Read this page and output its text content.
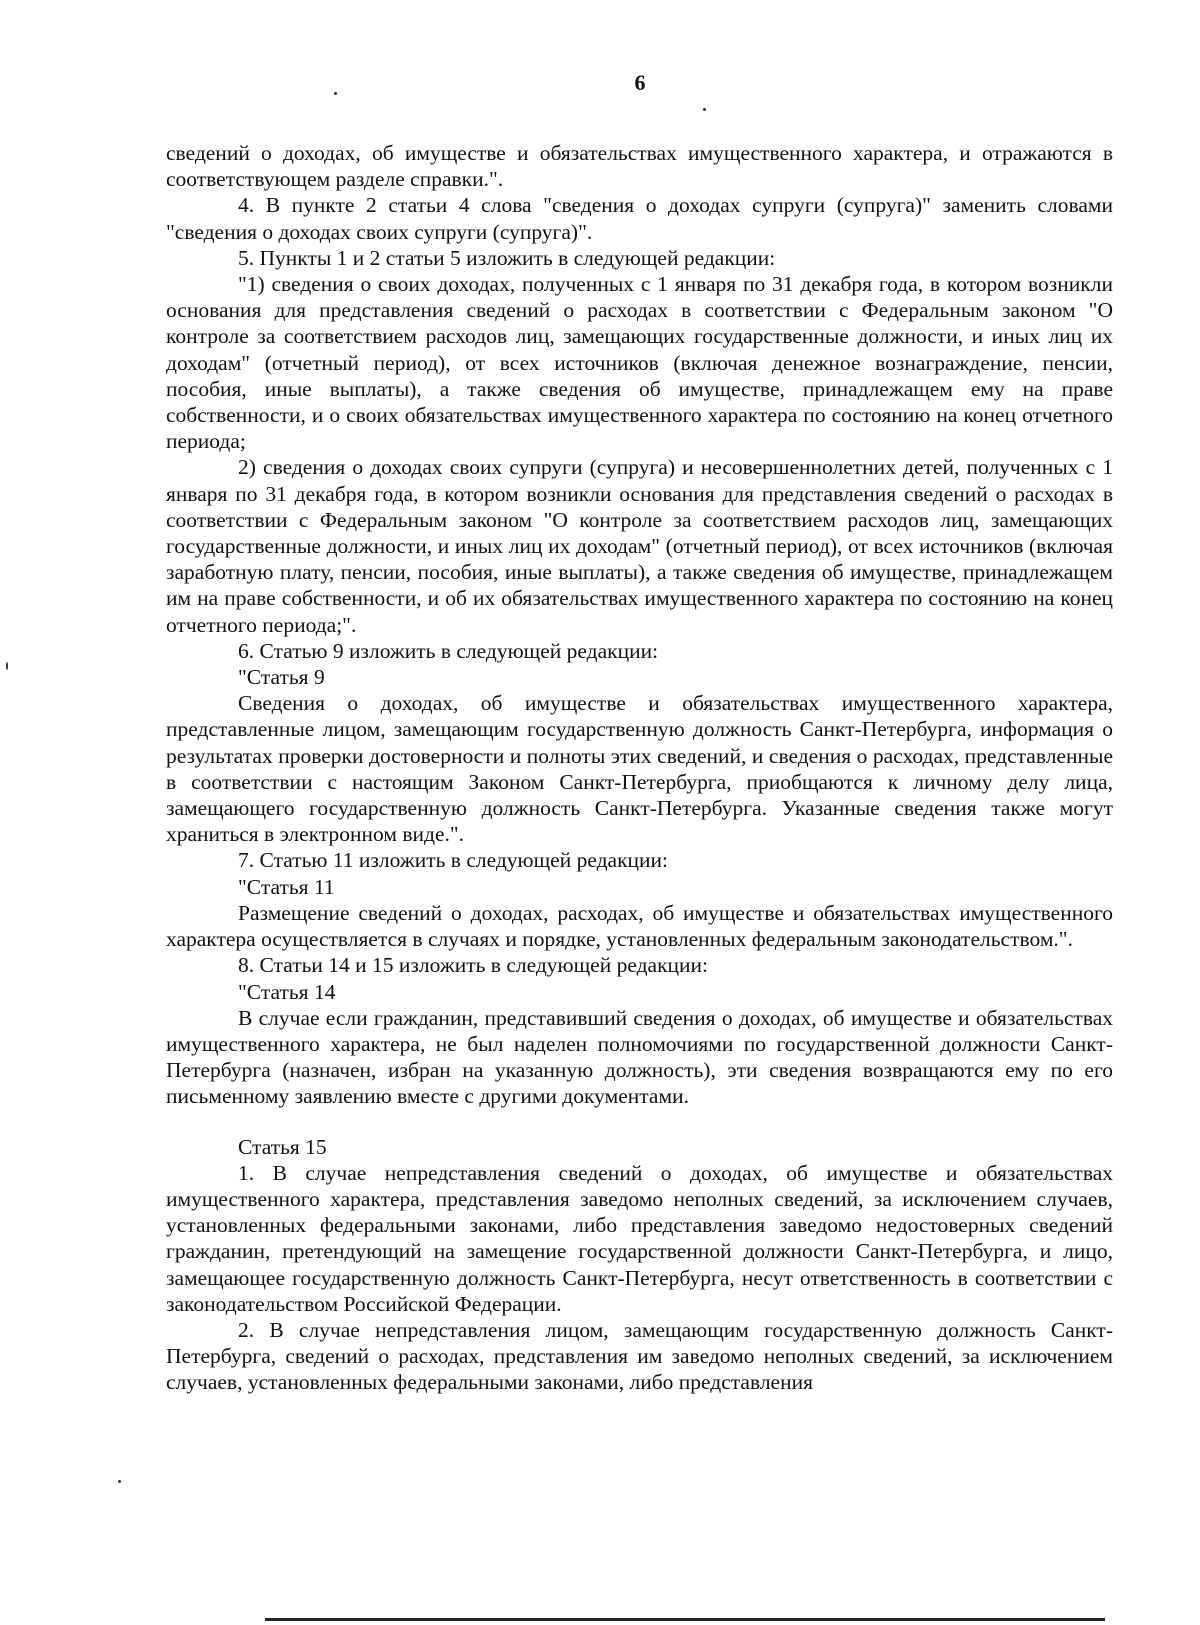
6

сведений о доходах, об имуществе и обязательствах имущественного характера, и отражаются в соответствующем разделе справки.".

4. В пункте 2 статьи 4 слова "сведения о доходах супруги (супруга)" заменить словами "сведения о доходах своих супруги (супруга)".

5. Пункты 1 и 2 статьи 5 изложить в следующей редакции:

"1) сведения о своих доходах, полученных с 1 января по 31 декабря года, в котором возникли основания для представления сведений о расходах в соответствии с Федеральным законом "О контроле за соответствием расходов лиц, замещающих государственные должности, и иных лиц их доходам" (отчетный период), от всех источников (включая денежное вознаграждение, пенсии, пособия, иные выплаты), а также сведения об имуществе, принадлежащем ему на праве собственности, и о своих обязательствах имущественного характера по состоянию на конец отчетного периода;

2) сведения о доходах своих супруги (супруга) и несовершеннолетних детей, полученных с 1 января по 31 декабря года, в котором возникли основания для представления сведений о расходах в соответствии с Федеральным законом "О контроле за соответствием расходов лиц, замещающих государственные должности, и иных лиц их доходам" (отчетный период), от всех источников (включая заработную плату, пенсии, пособия, иные выплаты), а также сведения об имуществе, принадлежащем им на праве собственности, и об их обязательствах имущественного характера по состоянию на конец отчетного периода;".

6. Статью 9 изложить в следующей редакции:

"Статья 9

Сведения о доходах, об имуществе и обязательствах имущественного характера, представленные лицом, замещающим государственную должность Санкт-Петербурга, информация о результатах проверки достоверности и полноты этих сведений, и сведения о расходах, представленные в соответствии с настоящим Законом Санкт-Петербурга, приобщаются к личному делу лица, замещающего государственную должность Санкт-Петербурга. Указанные сведения также могут храниться в электронном виде.".

7. Статью 11 изложить в следующей редакции:

"Статья 11

Размещение сведений о доходах, расходах, об имуществе и обязательствах имущественного характера осуществляется в случаях и порядке, установленных федеральным законодательством.".

8. Статьи 14 и 15 изложить в следующей редакции:

"Статья 14

В случае если гражданин, представивший сведения о доходах, об имуществе и обязательствах имущественного характера, не был наделен полномочиями по государственной должности Санкт-Петербурга (назначен, избран на указанную должность), эти сведения возвращаются ему по его письменному заявлению вместе с другими документами.

Статья 15

1. В случае непредставления сведений о доходах, об имуществе и обязательствах имущественного характера, представления заведомо неполных сведений, за исключением случаев, установленных федеральными законами, либо представления заведомо недостоверных сведений гражданин, претендующий на замещение государственной должности Санкт-Петербурга, и лицо, замещающее государственную должность Санкт-Петербурга, несут ответственность в соответствии с законодательством Российской Федерации.

2. В случае непредставления лицом, замещающим государственную должность Санкт-Петербурга, сведений о расходах, представления им заведомо неполных сведений, за исключением случаев, установленных федеральными законами, либо представления
